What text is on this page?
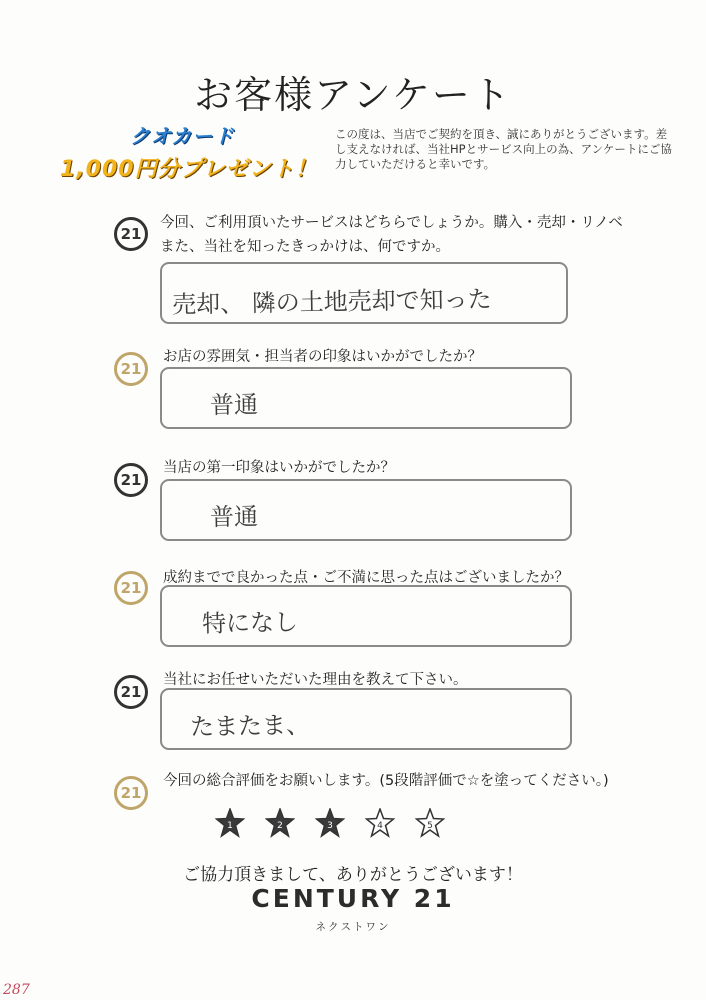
お客様アンケート
クオカード
1,000円分プレゼント！
この度は、当店でご契約を頂き、誠にありがとうございます。差し支えなければ、当社HPとサービス向上の為、アンケートにご協力していただけると幸いです。
21
今回、ご利用頂いたサービスはどちらでしょうか。購入・売却・リノベ
また、当社を知ったきっかけは、何ですか。
売却、 隣の土地売却で知った
21
お店の雰囲気・担当者の印象はいかがでしたか？
普通
21
当店の第一印象はいかがでしたか？
普通
21
成約までで良かった点・ご不満に思った点はございましたか？
特になし
21
当社にお任せいただいた理由を教えて下さい。
たまたま、
21
今回の総合評価をお願いします。(5段階評価で☆を塗ってください。)
1	2	3	4	5
ご協力頂きまして、ありがとうございます！
CENTURY 21
ネクストワン
287
